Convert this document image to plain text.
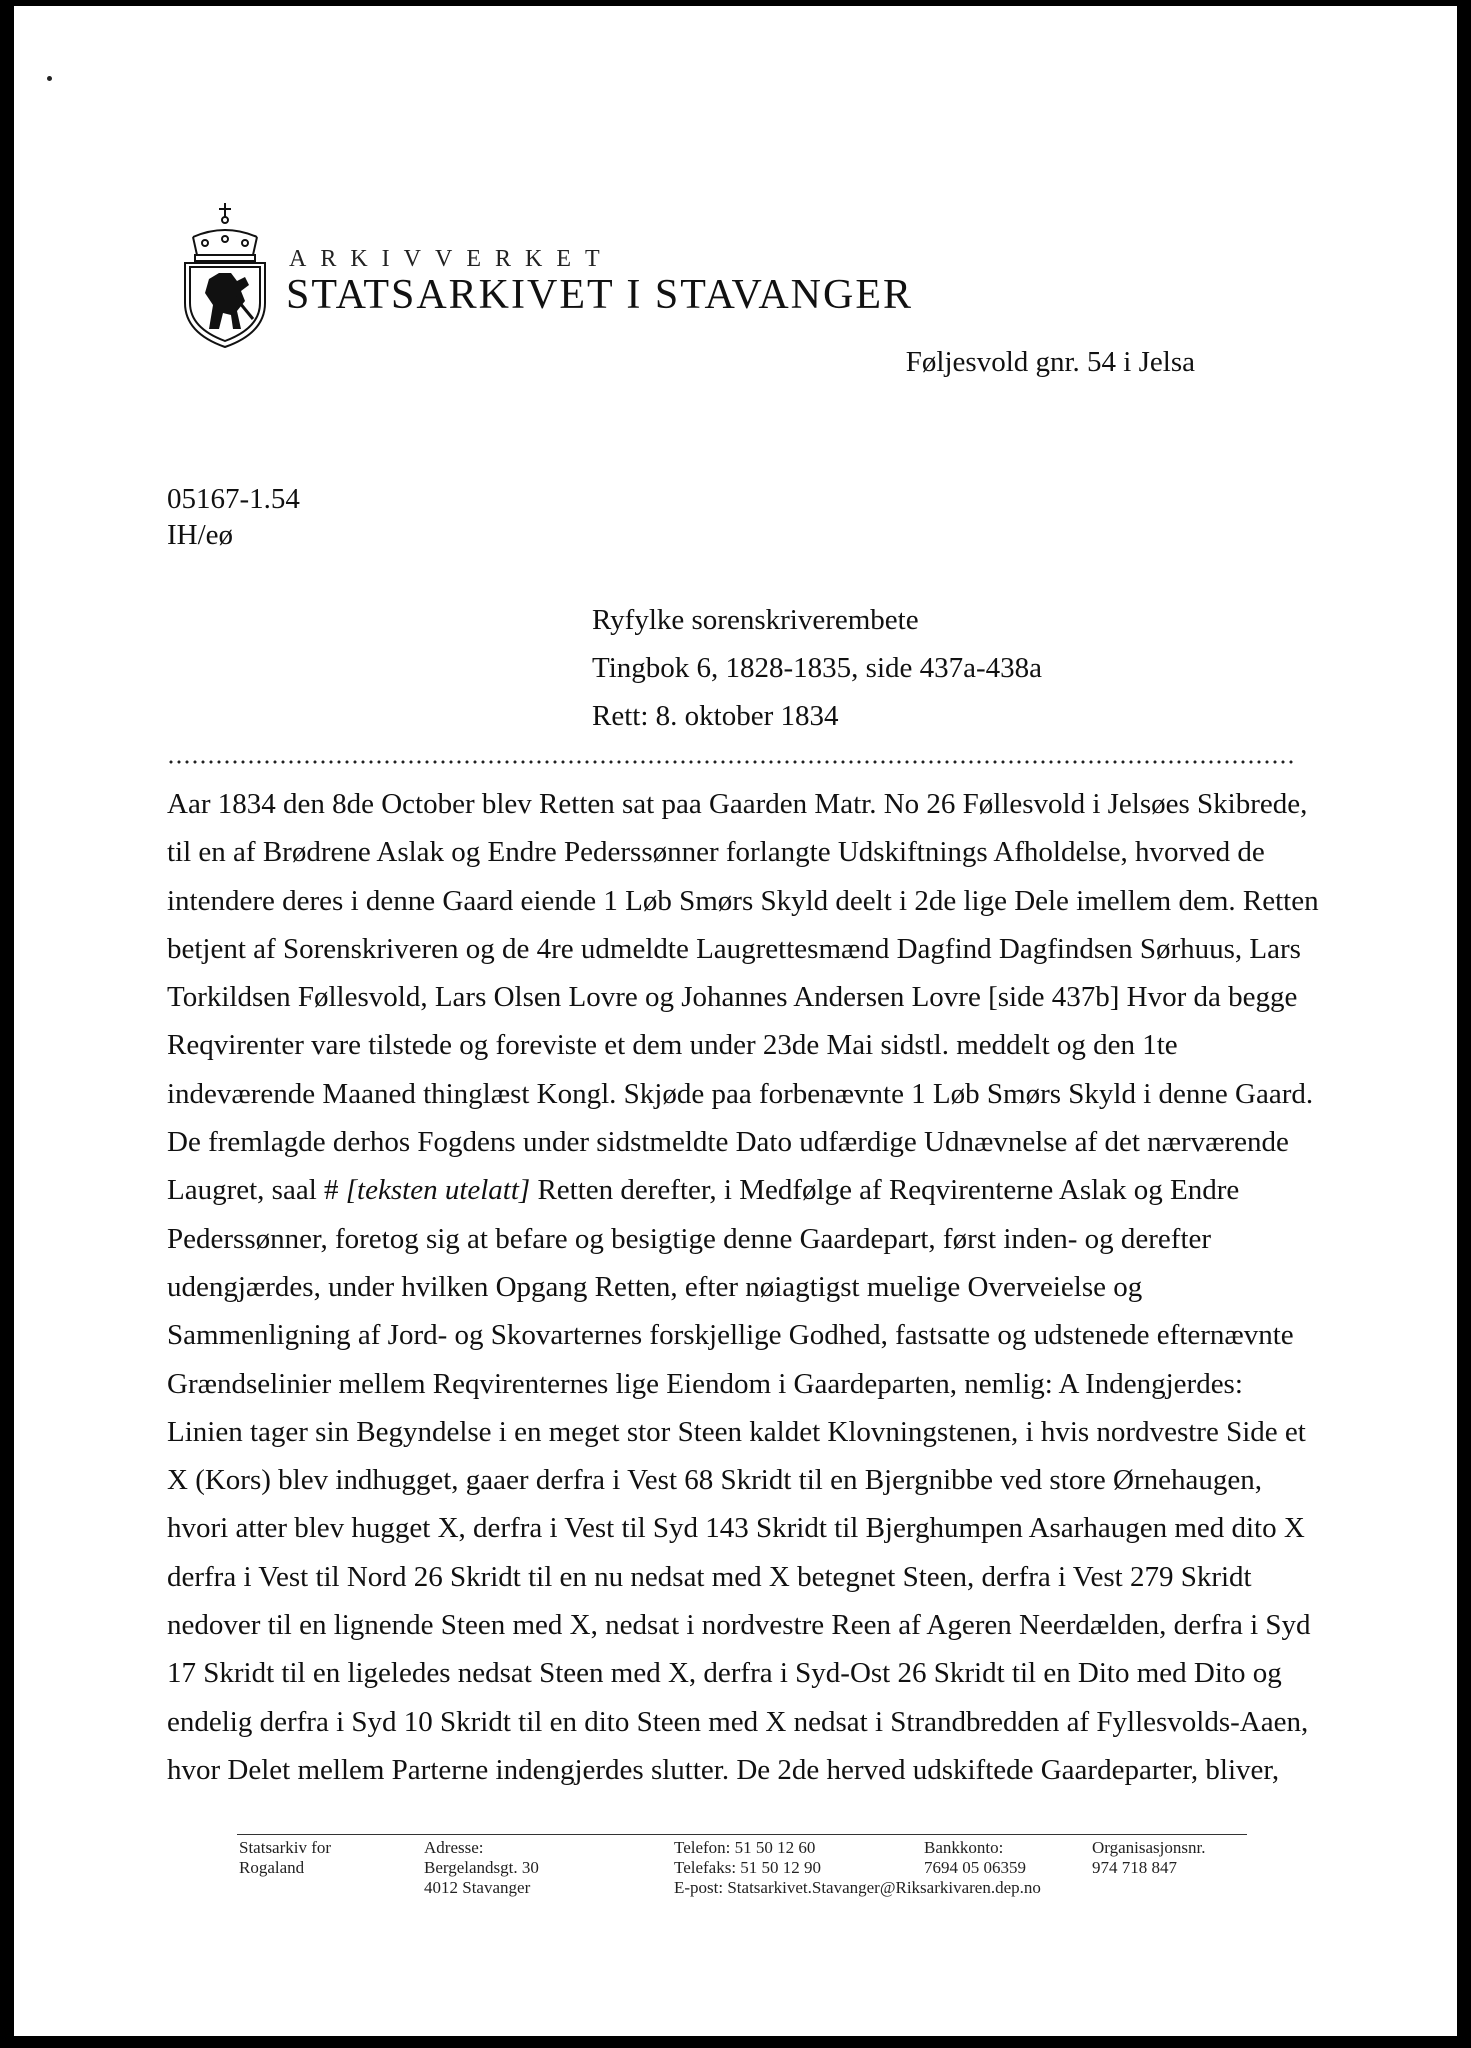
ARKIVVERKET
STATSARKIVET I STAVANGER
Føljesvold gnr. 54 i Jelsa
05167-1.54
IH/eø
Ryfylke sorenskriverembete
Tingbok 6, 1828-1835, side 437a-438a
Rett: 8. oktober 1834
Aar 1834 den 8de October blev Retten sat paa Gaarden Matr. No 26 Føllesvold i Jelsøes Skibrede,
til en af Brødrene Aslak og Endre Pederssønner forlangte Udskiftnings Afholdelse, hvorved de
intendere deres i denne Gaard eiende 1 Løb Smørs Skyld deelt i 2de lige Dele imellem dem. Retten
betjent af Sorenskriveren og de 4re udmeldte Laugrettesmænd Dagfind Dagfindsen Sørhuus, Lars
Torkildsen Føllesvold, Lars Olsen Lovre og Johannes Andersen Lovre [side 437b] Hvor da begge
Reqvirenter vare tilstede og foreviste et dem under 23de Mai sidstl. meddelt og den 1te
indeværende Maaned thinglæst Kongl. Skjøde paa forbenævnte 1 Løb Smørs Skyld i denne Gaard.
De fremlagde derhos Fogdens under sidstmeldte Dato udfærdige Udnævnelse af det nærværende
Laugret, saal # [teksten utelatt] Retten derefter, i Medfølge af Reqvirenterne Aslak og Endre
Pederssønner, foretog sig at befare og besigtige denne Gaardepart, først inden- og derefter
udengjærdes, under hvilken Opgang Retten, efter nøiagtigst muelige Overveielse og
Sammenligning af Jord- og Skovarternes forskjellige Godhed, fastsatte og udstenede efternævnte
Grændselinier mellem Reqvirenternes lige Eiendom i Gaardeparten, nemlig: A Indengjerdes:
Linien tager sin Begyndelse i en meget stor Steen kaldet Klovningstenen, i hvis nordvestre Side et
X (Kors) blev indhugget, gaaer derfra i Vest 68 Skridt til en Bjergnibbe ved store Ørnehaugen,
hvori atter blev hugget X, derfra i Vest til Syd 143 Skridt til Bjerghumpen Asarhaugen med dito X
derfra i Vest til Nord 26 Skridt til en nu nedsat med X betegnet Steen, derfra i Vest 279 Skridt
nedover til en lignende Steen med X, nedsat i nordvestre Reen af Ageren Neerdælden, derfra i Syd
17 Skridt til en ligeledes nedsat Steen med X, derfra i Syd-Ost 26 Skridt til en Dito med Dito og
endelig derfra i Syd 10 Skridt til en dito Steen med X nedsat i Strandbredden af Fyllesvolds-Aaen,
hvor Delet mellem Parterne indengjerdes slutter. De 2de herved udskiftede Gaardeparter, bliver,
Statsarkiv for
Rogaland
Adresse:
Bergelandsgt. 30
4012 Stavanger
Telefon: 51 50 12 60
Telefaks: 51 50 12 90
E-post: Statsarkivet.Stavanger@Riksarkivaren.dep.no
Bankkonto:
7694 05 06359
Organisasjonsnr.
974 718 847
